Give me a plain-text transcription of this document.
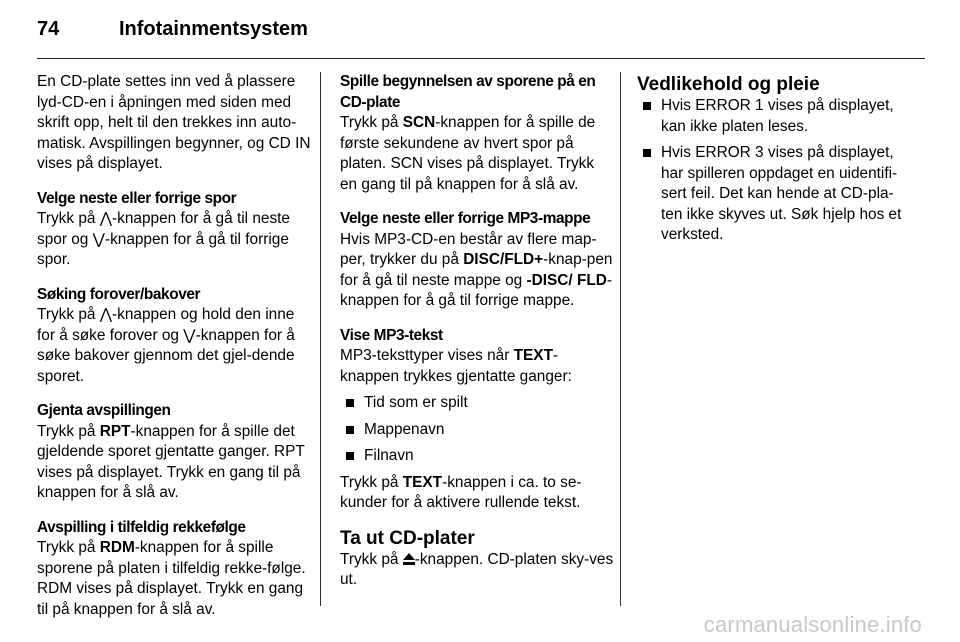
74	Infotainmentsystem

En CD-plate settes inn ved å plassere lyd-CD-en i åpningen med siden med skrift opp, helt til den trekkes inn auto-matisk. Avspillingen begynner, og CD IN vises på displayet.

Velge neste eller forrige spor
Trykk på ⋀-knappen for å gå til neste spor og ⋁-knappen for å gå til forrige spor.

Søking forover/bakover
Trykk på ⋀-knappen og hold den inne for å søke forover og ⋁-knappen for å søke bakover gjennom det gjel-dende sporet.

Gjenta avspillingen
Trykk på RPT-knappen for å spille det gjeldende sporet gjentatte ganger. RPT vises på displayet. Trykk en gang til på knappen for å slå av.

Avspilling i tilfeldig rekkefølge
Trykk på RDM-knappen for å spille sporene på platen i tilfeldig rekke-følge. RDM vises på displayet. Trykk en gang til på knappen for å slå av.

Spille begynnelsen av sporene på en CD-plate
Trykk på SCN-knappen for å spille de første sekundene av hvert spor på platen. SCN vises på displayet. Trykk en gang til på knappen for å slå av.

Velge neste eller forrige MP3-mappe
Hvis MP3-CD-en består av flere map-per, trykker du på DISC/FLD+-knap-pen for å gå til neste mappe og -DISC/ FLD-knappen for å gå til forrige mappe.

Vise MP3-tekst
MP3-teksttyper vises når TEXT-knappen trykkes gjentatte ganger:
Tid som er spilt
Mappenavn
Filnavn

Trykk på TEXT-knappen i ca. to se-kunder for å aktivere rullende tekst.

Ta ut CD-plater
Trykk på -knappen. CD-platen sky-ves ut.

Vedlikehold og pleie
Hvis ERROR 1 vises på displayet, kan ikke platen leses.
Hvis ERROR 3 vises på displayet, har spilleren oppdaget en uidentifi-sert feil. Det kan hende at CD-pla-ten ikke skyves ut. Søk hjelp hos et verksted.
carmanualsonline.info
